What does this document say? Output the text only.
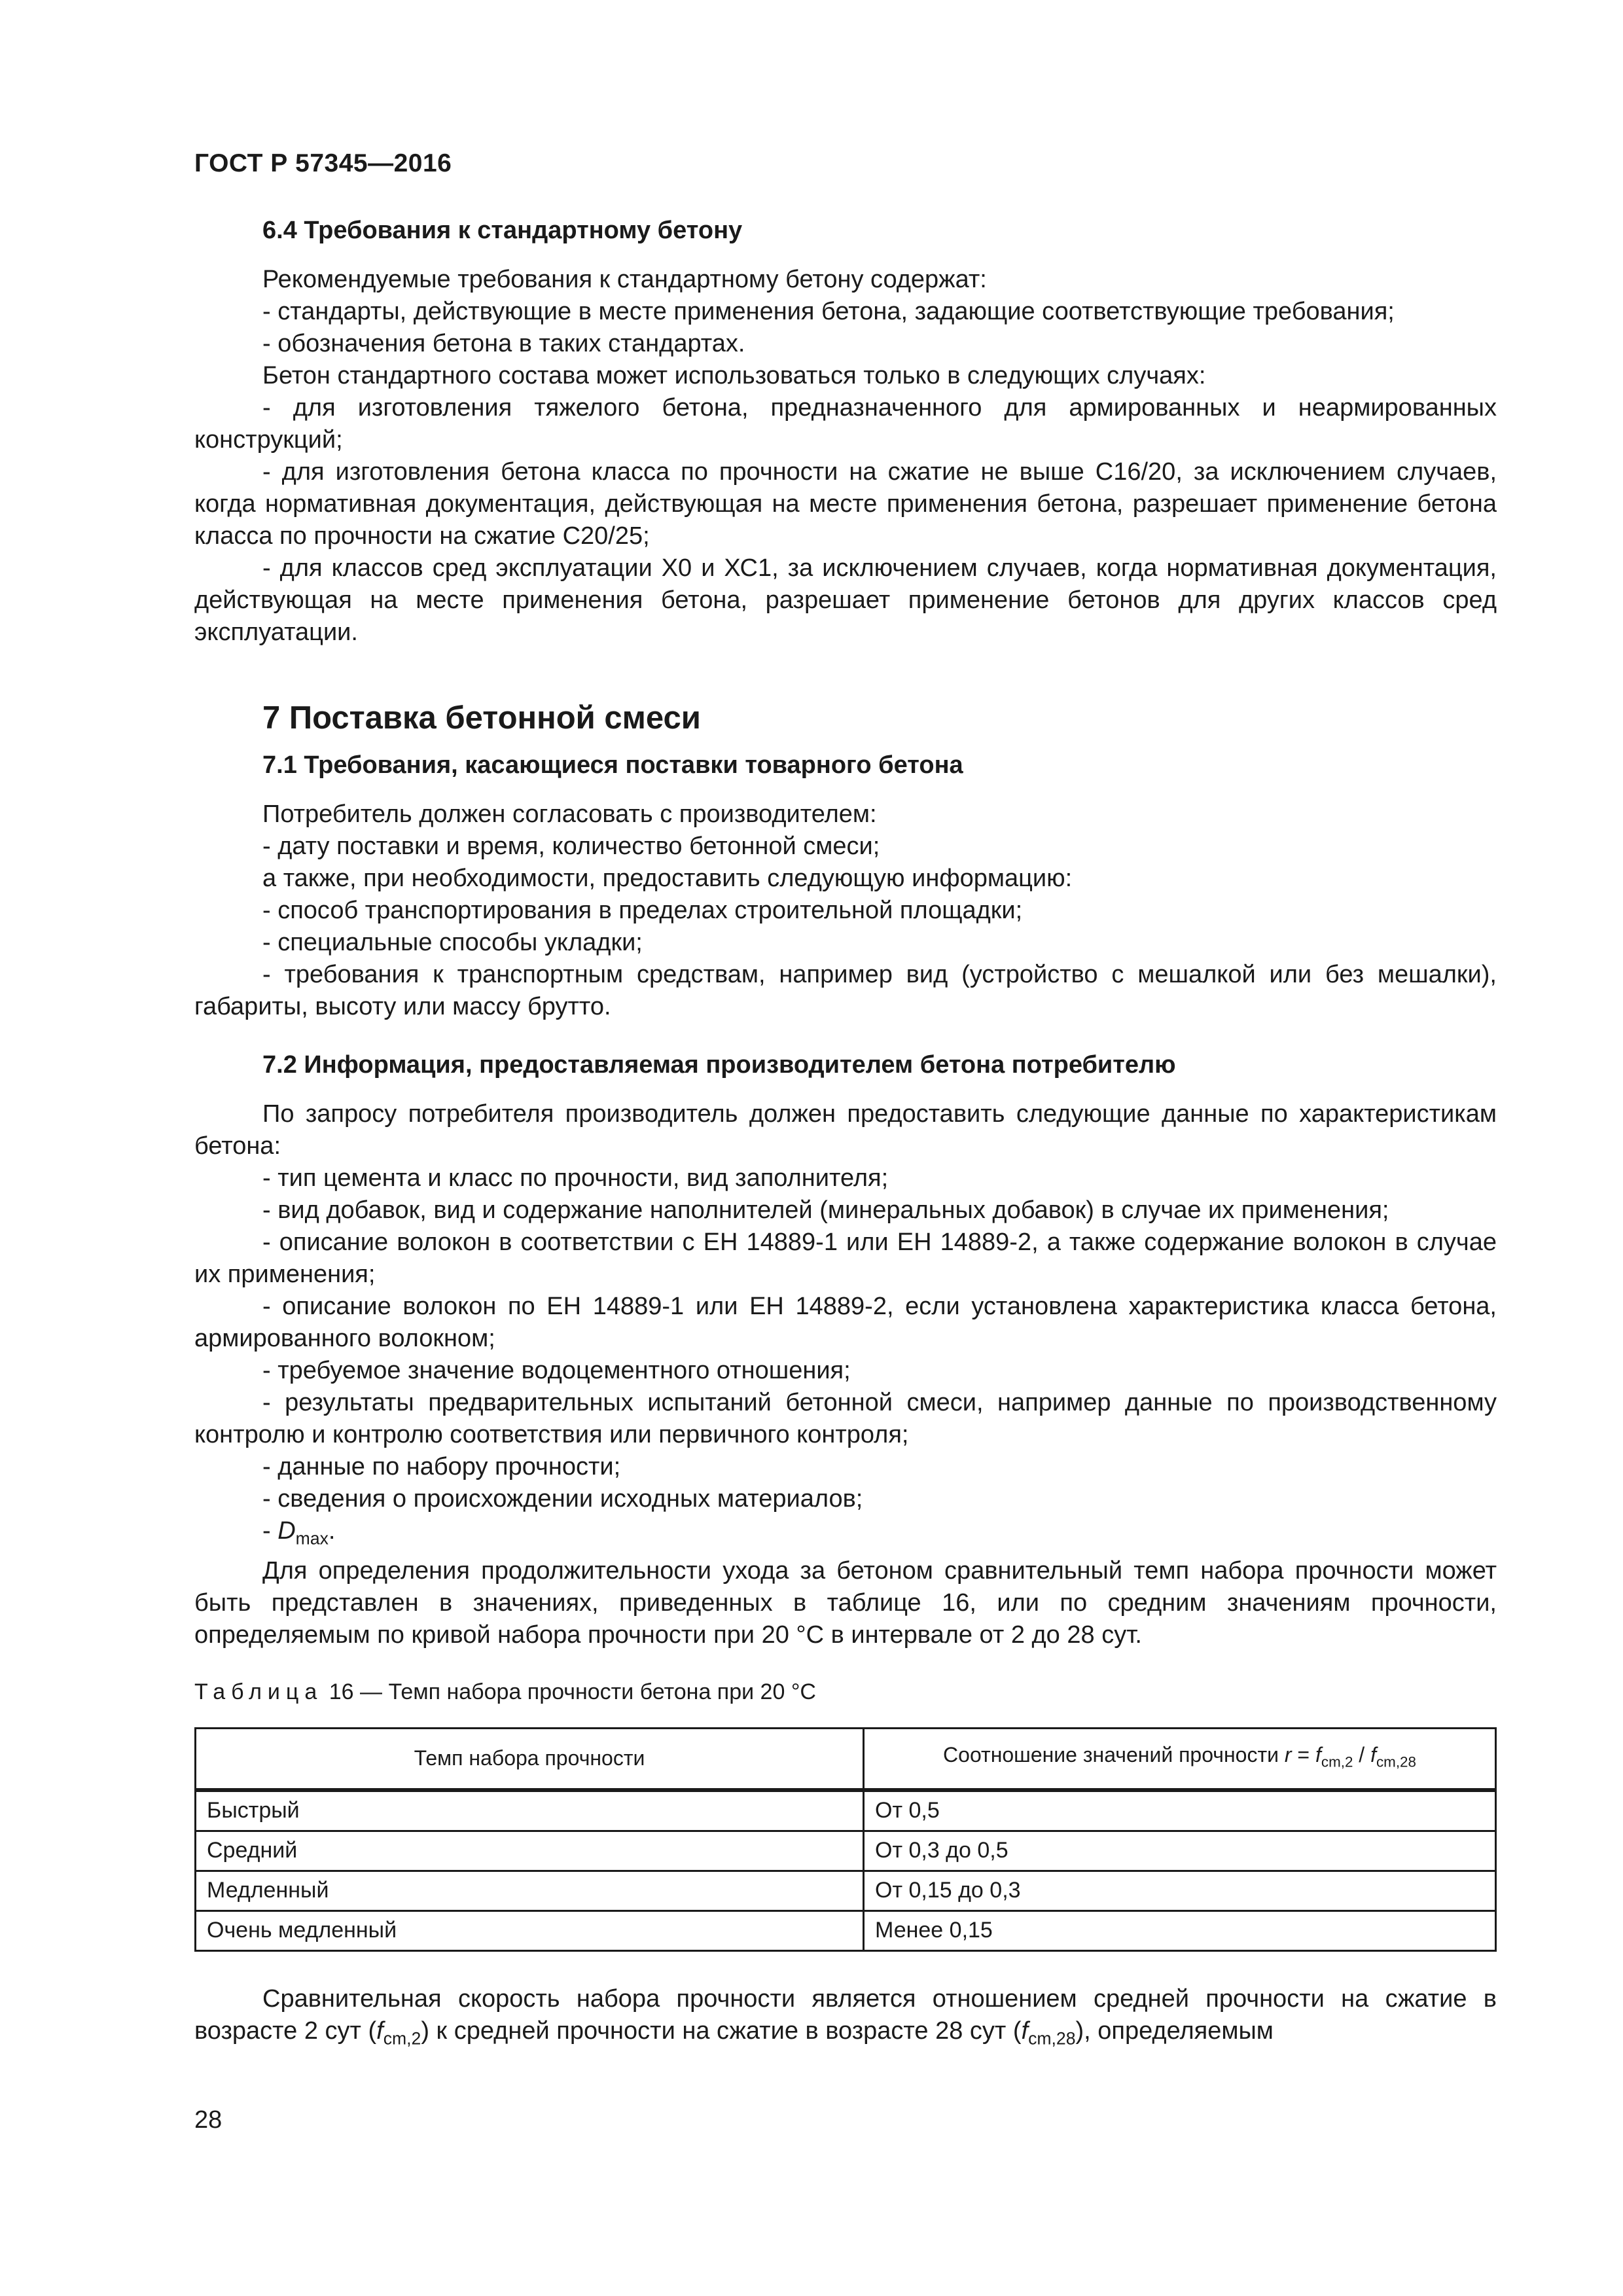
ГОСТ Р 57345—2016
6.4 Требования к стандартному бетону

Рекомендуемые требования к стандартному бетону содержат:

- стандарты, действующие в месте применения бетона, задающие соответствующие требования;

- обозначения бетона в таких стандартах.

Бетон стандартного состава может использоваться только в следующих случаях:

- для изготовления тяжелого бетона, предназначенного для армированных и неармированных конструкций;

- для изготовления бетона класса по прочности на сжатие не выше С16/20, за исключением случаев, когда нормативная документация, действующая на месте применения бетона, разрешает применение бетона класса по прочности на сжатие С20/25;

- для классов сред эксплуатации Х0 и ХС1, за исключением случаев, когда нормативная документация, действующая на месте применения бетона, разрешает применение бетонов для других классов сред эксплуатации.

7 Поставка бетонной смеси
7.1 Требования, касающиеся поставки товарного бетона

Потребитель должен согласовать с производителем:

- дату поставки и время, количество бетонной смеси;

а также, при необходимости, предоставить следующую информацию:

- способ транспортирования в пределах строительной площадки;

- специальные способы укладки;

- требования к транспортным средствам, например вид (устройство с мешалкой или без мешалки), габариты, высоту или массу брутто.

7.2 Информация, предоставляемая производителем бетона потребителю

По запросу потребителя производитель должен предоставить следующие данные по характеристикам бетона:

- тип цемента и класс по прочности, вид заполнителя;

- вид добавок, вид и содержание наполнителей (минеральных добавок) в случае их применения;

- описание волокон в соответствии с ЕН 14889-1 или ЕН 14889-2, а также содержание волокон в случае их применения;

- описание волокон по ЕН 14889-1 или ЕН 14889-2, если установлена характеристика класса бетона, армированного волокном;

- требуемое значение водоцементного отношения;

- результаты предварительных испытаний бетонной смеси, например данные по производственному контролю и контролю соответствия или первичного контроля;

- данные по набору прочности;

- сведения о происхождении исходных материалов;

- $D_{max}$.

Для определения продолжительности ухода за бетоном сравнительный темп набора прочности может быть представлен в значениях, приведенных в таблице 16, или по средним значениям прочности, определяемым по кривой набора прочности при 20 °С в интервале от 2 до 28 сут.

Таблица 16 — Темп набора прочности бетона при 20 °С
Темп набора прочности	Соотношение значений прочности $r = f_{cm,2} / f_{cm,28}$
Быстрый	От 0,5
Средний	От 0,3 до 0,5
Медленный	От 0,15 до 0,3
Очень медленный	Менее 0,15

Сравнительная скорость набора прочности является отношением средней прочности на сжатие в возрасте 2 сут $(f_{cm,2})$ к средней прочности на сжатие в возрасте 28 сут $(f_{cm,28})$, определяемым

28
